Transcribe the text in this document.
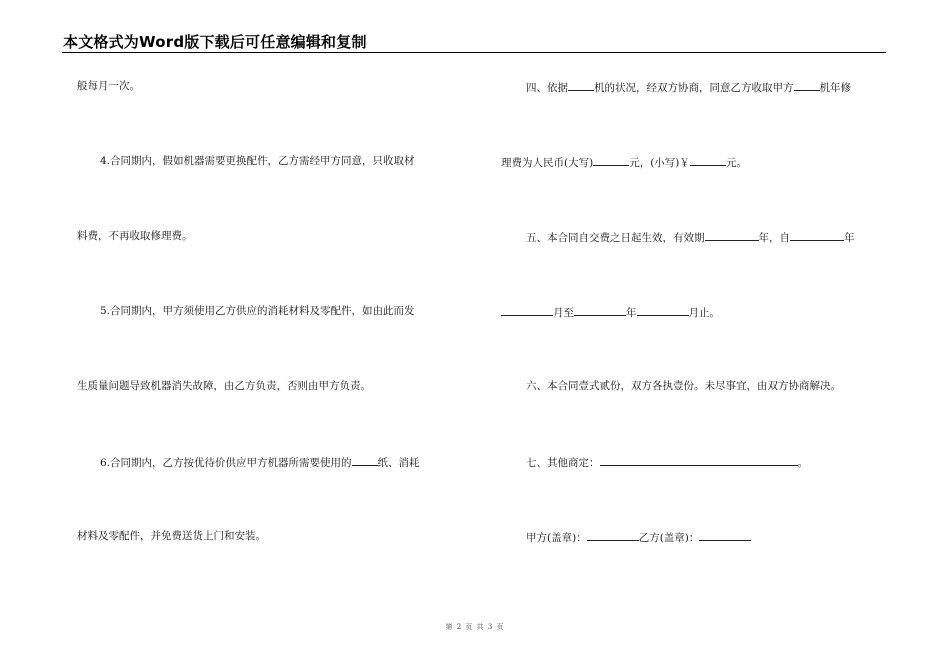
本文格式为Word版下载后可任意编辑和复制
般每月一次。
4.合同期内，假如机器需要更换配件，乙方需经甲方同意，只收取材
料费，不再收取修理费。
5.合同期内，甲方须使用乙方供应的消耗材料及零配件，如由此而发
生质量问题导致机器消失故障，由乙方负责，否则由甲方负责。
6.合同期内，乙方按优待价供应甲方机器所需要使用的 纸、消耗
材料及零配件，并免费送货上门和安装。
四、依据 机的状况，经双方协商，同意乙方收取甲方 机年修
理费为人民币(大写)	元，(小写)￥	元。
五、本合同自交费之日起生效，有效期	年，自	年
月至	年	月止。
六、本合同壹式贰份，双方各执壹份。未尽事宜，由双方协商解决。
七、其他商定：	。
甲方(盖章)：	乙方(盖章)：
第 2 页 共 3 页
